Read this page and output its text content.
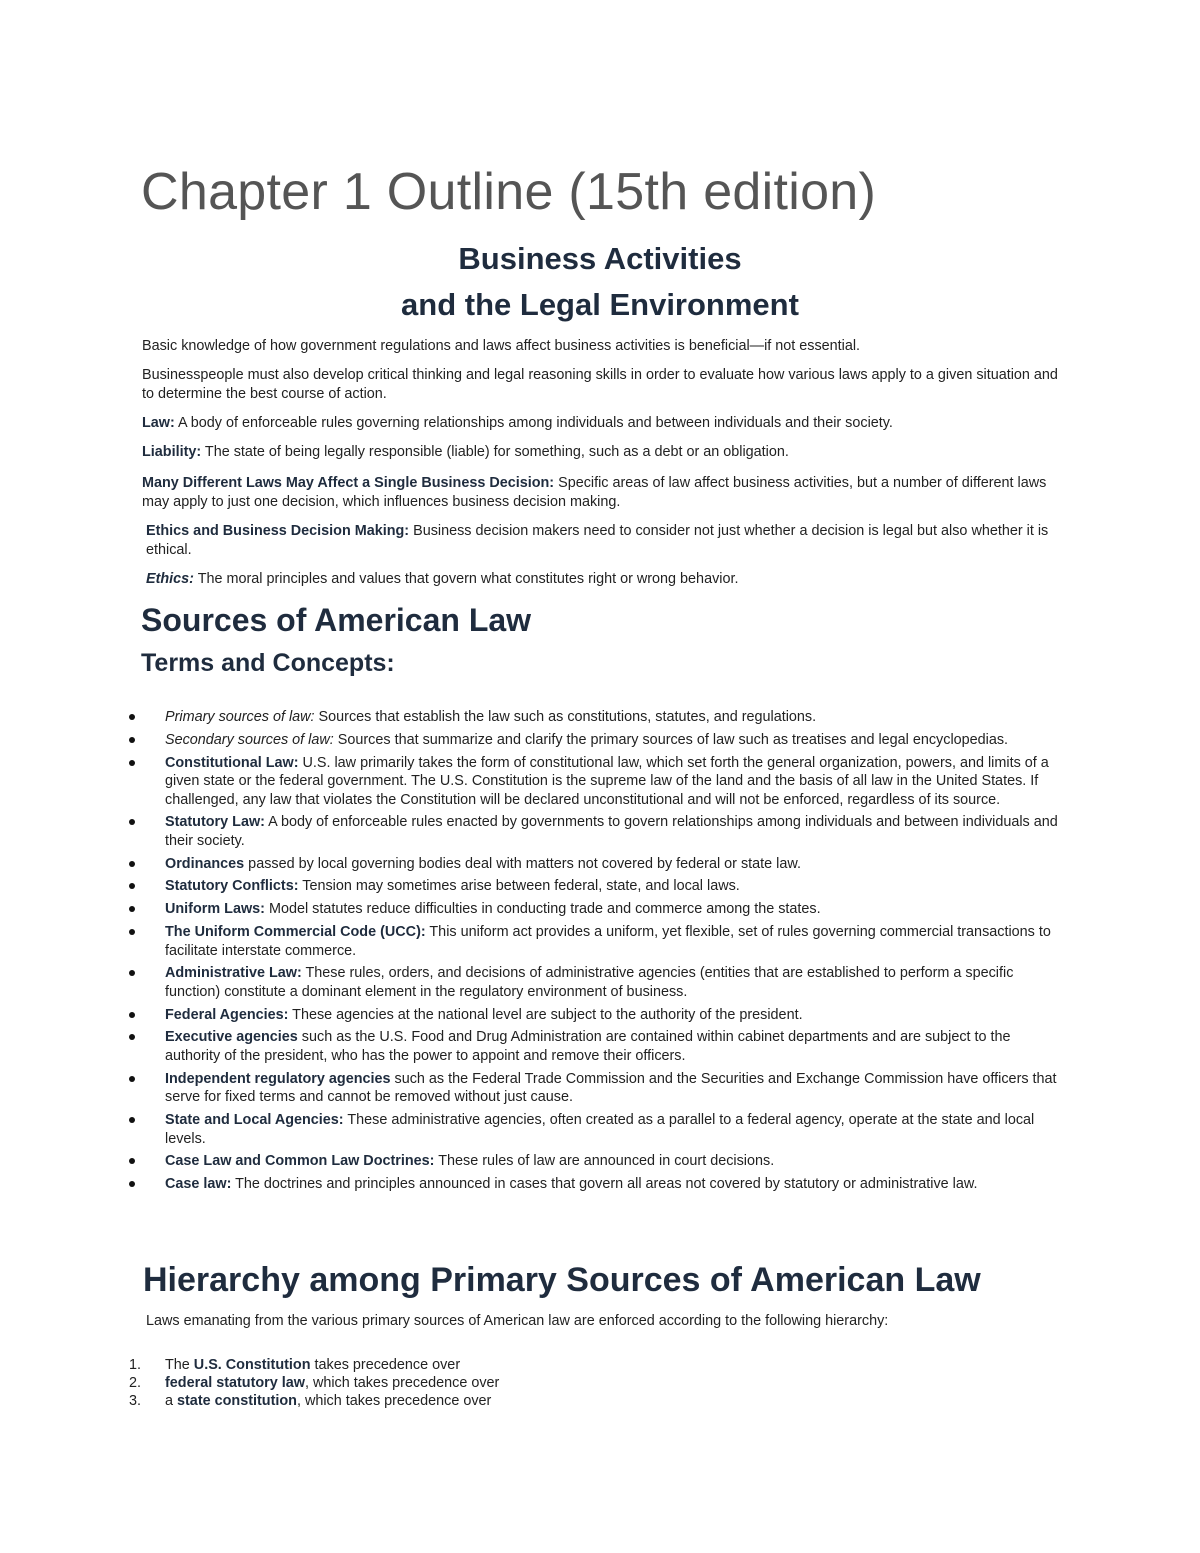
Chapter 1 Outline (15th edition)
Business Activities
and the Legal Environment

Basic knowledge of how government regulations and laws affect business activities is beneficial—if not essential.

Businesspeople must also develop critical thinking and legal reasoning skills in order to evaluate how various laws apply to a given situation and to determine the best course of action.

Law: A body of enforceable rules governing relationships among individuals and between individuals and their society.

Liability: The state of being legally responsible (liable) for something, such as a debt or an obligation.

Many Different Laws May Affect a Single Business Decision: Specific areas of law affect business activities, but a number of different laws may apply to just one decision, which influences business decision making.

Ethics and Business Decision Making: Business decision makers need to consider not just whether a decision is legal but also whether it is ethical.

Ethics: The moral principles and values that govern what constitutes right or wrong behavior.

Sources of American Law
Terms and Concepts:
Primary sources of law: Sources that establish the law such as constitutions, statutes, and regulations.
Secondary sources of law: Sources that summarize and clarify the primary sources of law such as treatises and legal encyclopedias.
Constitutional Law: U.S. law primarily takes the form of constitutional law, which set forth the general organization, powers, and limits of a given state or the federal government. The U.S. Constitution is the supreme law of the land and the basis of all law in the United States. If challenged, any law that violates the Constitution will be declared unconstitutional and will not be enforced, regardless of its source.
Statutory Law: A body of enforceable rules enacted by governments to govern relationships among individuals and between individuals and their society.
Ordinances passed by local governing bodies deal with matters not covered by federal or state law.
Statutory Conflicts: Tension may sometimes arise between federal, state, and local laws.
Uniform Laws: Model statutes reduce difficulties in conducting trade and commerce among the states.
The Uniform Commercial Code (UCC): This uniform act provides a uniform, yet flexible, set of rules governing commercial transactions to facilitate interstate commerce.
Administrative Law: These rules, orders, and decisions of administrative agencies (entities that are established to perform a specific function) constitute a dominant element in the regulatory environment of business.
Federal Agencies: These agencies at the national level are subject to the authority of the president.
Executive agencies such as the U.S. Food and Drug Administration are contained within cabinet departments and are subject to the authority of the president, who has the power to appoint and remove their officers.
Independent regulatory agencies such as the Federal Trade Commission and the Securities and Exchange Commission have officers that serve for fixed terms and cannot be removed without just cause.
State and Local Agencies: These administrative agencies, often created as a parallel to a federal agency, operate at the state and local levels.
Case Law and Common Law Doctrines: These rules of law are announced in court decisions.
Case law: The doctrines and principles announced in cases that govern all areas not covered by statutory or administrative law.
Hierarchy among Primary Sources of American Law

Laws emanating from the various primary sources of American law are enforced according to the following hierarchy:

1. The U.S. Constitution takes precedence over
2. federal statutory law, which takes precedence over
3. a state constitution, which takes precedence over
